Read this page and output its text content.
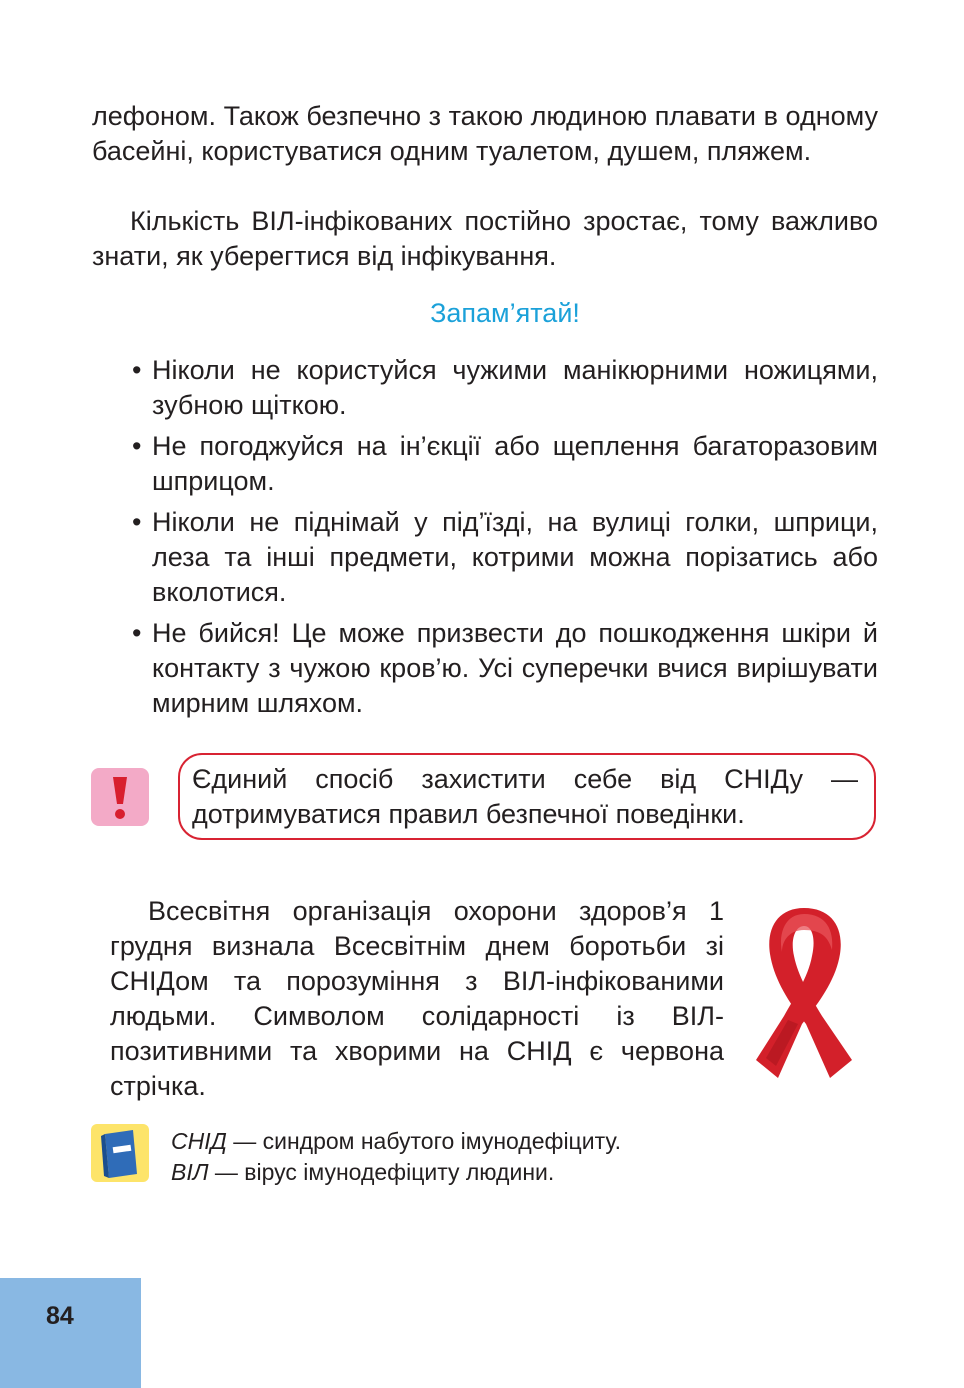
лефоном. Також безпечно з такою людиною плавати в одному басейні, користуватися одним туалетом, душем, пляжем.

Кількість ВІЛ-інфікованих постійно зростає, тому важливо знати, як уберегтися від інфікування.

Запам’ятай!

• Ніколи не користуйся чужими манікюрними ножицями, зубною щіткою.

• Не погоджуйся на ін’єкції або щеплення багаторазовим шприцом.

• Ніколи не піднімай у під’їзді, на вулиці голки, шприци, леза та інші предмети, котрими можна порізатись або вколотися.

• Не бийся! Це може призвести до пошкодження шкіри й контакту з чужою кров’ю. Усі суперечки вчися вирішувати мирним шляхом.

Єдиний спосіб захистити себе від СНІДу — дотримуватися правил безпечної поведінки.

Всесвітня організація охорони здоров’я 1 грудня визнала Всесвітнім днем боротьби зі СНІДом та порозуміння з ВІЛ-інфікованими людьми. Символом солідарності із ВІЛ-позитивними та хворими на СНІД є червона стрічка.

СНІД — синдром набутого імунодефіциту.
ВІЛ — вірус імунодефіциту людини.
84
